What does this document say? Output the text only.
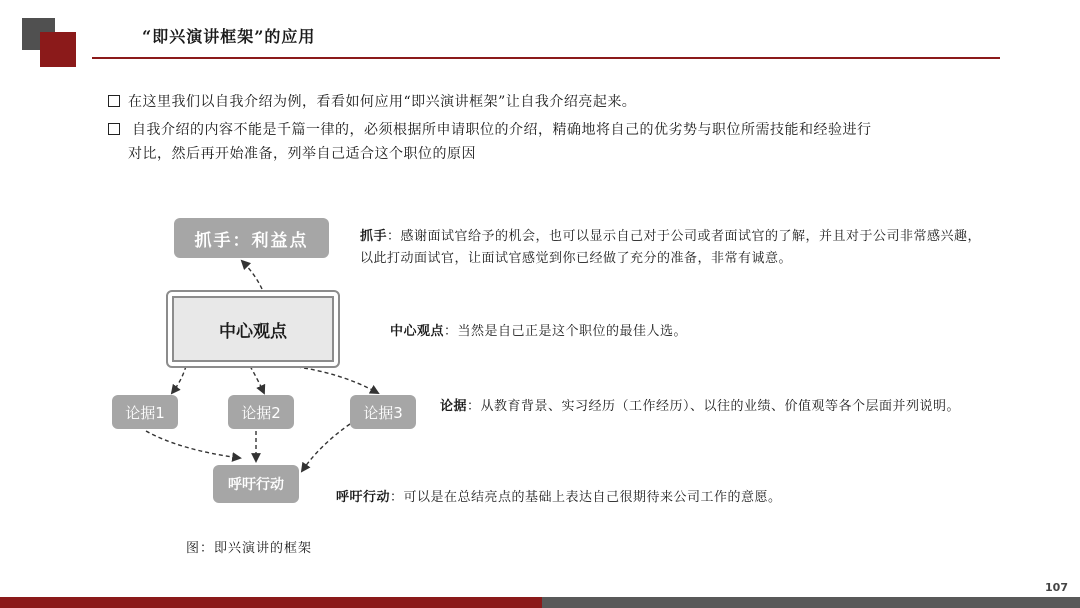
“即兴演讲框架”的应用
在这里我们以自我介绍为例，看看如何应用“即兴演讲框架”让自我介绍亮起来。
自我介绍的内容不能是千篇一律的，必须根据所申请职位的介绍，精确地将自己的优劣势与职位所需技能和经验进行
对比，然后再开始准备，列举自己适合这个职位的原因
抓手：利益点
中心观点
论据1	论据2	论据3
呼吁行动
抓手：感谢面试官给予的机会，也可以显示自己对于公司或者面试官的了解，并且对于公司非常感兴趣，以此打动面试官，让面试官感觉到你已经做了充分的准备，非常有诚意。
中心观点：当然是自己正是这个职位的最佳人选。
论据：从教育背景、实习经历（工作经历）、以往的业绩、价值观等各个层面并列说明。
呼吁行动：可以是在总结亮点的基础上表达自己很期待来公司工作的意愿。
图：即兴演讲的框架
107
